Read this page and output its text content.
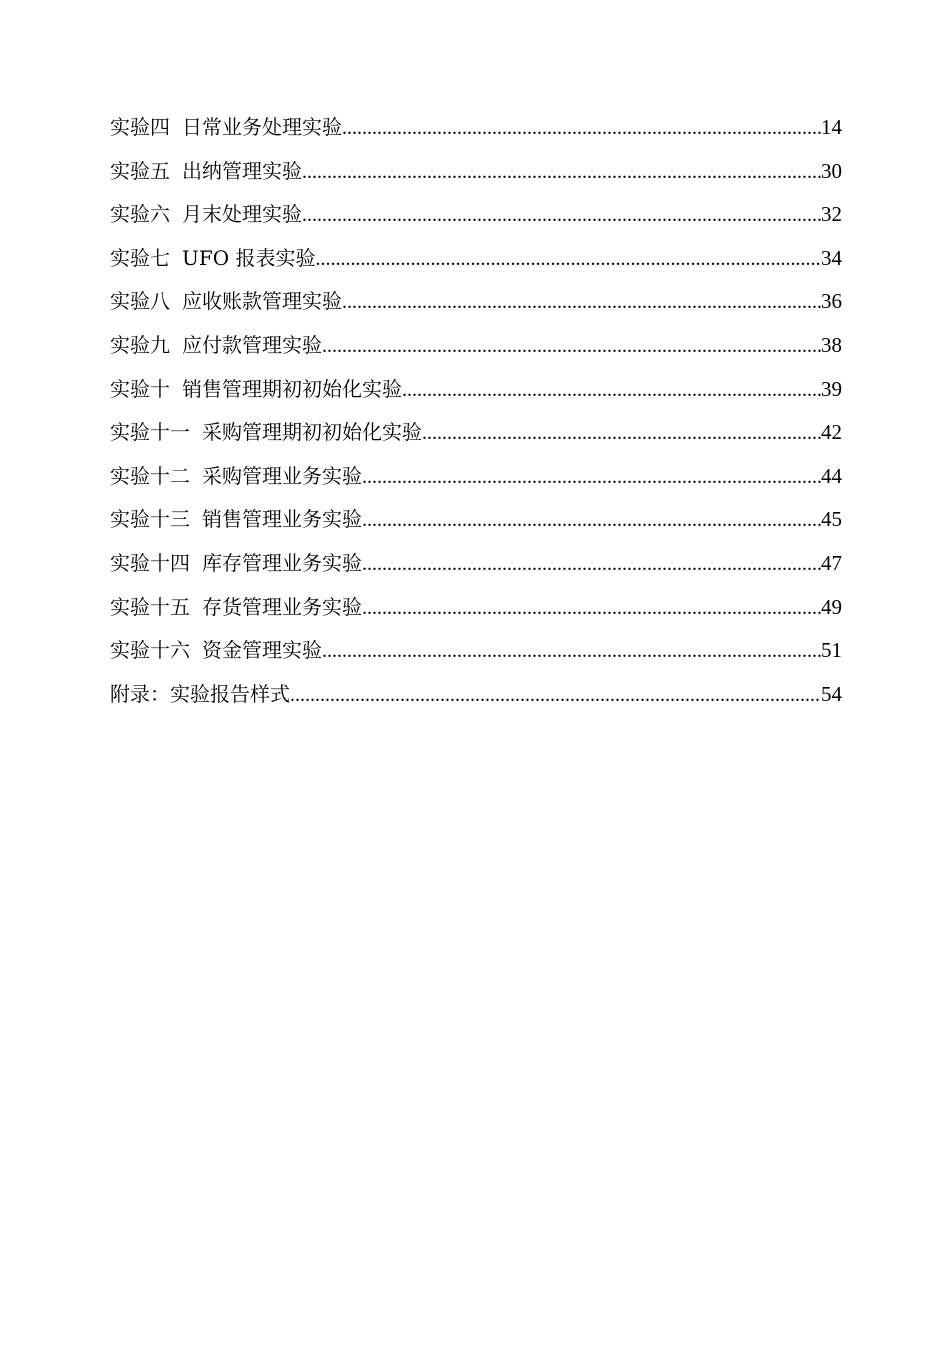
实验四 日常业务处理实验 .....	14
实验五 出纳管理实验 .....	30
实验六 月末处理实验 .....	32
实验七 UFO 报表实验 .....	34
实验八 应收账款管理实验 .....	36
实验九 应付款管理实验 .....	38
实验十 销售管理期初初始化实验 .....	39
实验十一 采购管理期初初始化实验 .....	42
实验十二 采购管理业务实验 .....	44
实验十三 销售管理业务实验 .....	45
实验十四 库存管理业务实验 .....	47
实验十五 存货管理业务实验 .....	49
实验十六 资金管理实验 .....	51
附录： 实验报告样式 .....	54
